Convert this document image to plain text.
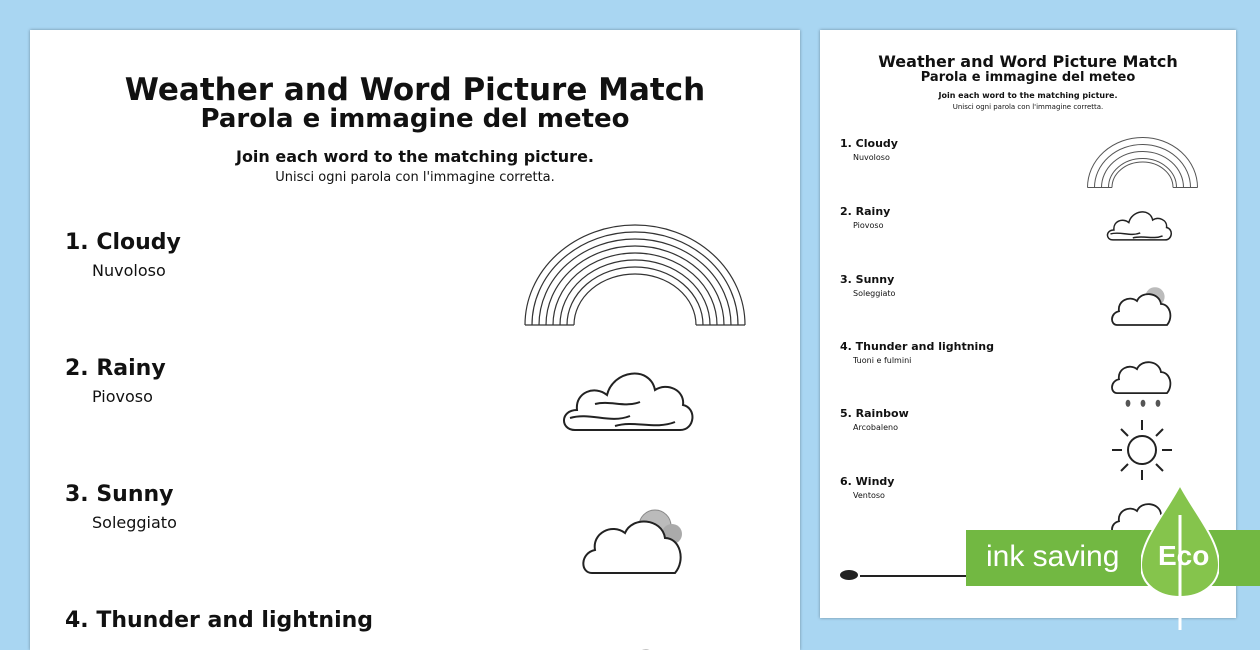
Weather and Word Picture Match
Parola e immagine del meteo
Join each word to the matching picture.
Unisci ogni parola con l'immagine corretta.
1. Cloudy
Nuvoloso
2. Rainy
Piovoso
3. Sunny
Soleggiato
4. Thunder and lightning
Weather and Word Picture Match
Parola e immagine del meteo
Join each word to the matching picture.
Unisci ogni parola con l'immagine corretta.
1. Cloudy
Nuvoloso
2. Rainy
Piovoso
3. Sunny
Soleggiato
4. Thunder and lightning
Tuoni e fulmini
5. Rainbow
Arcobaleno
6. Windy
Ventoso
ink saving Eco
